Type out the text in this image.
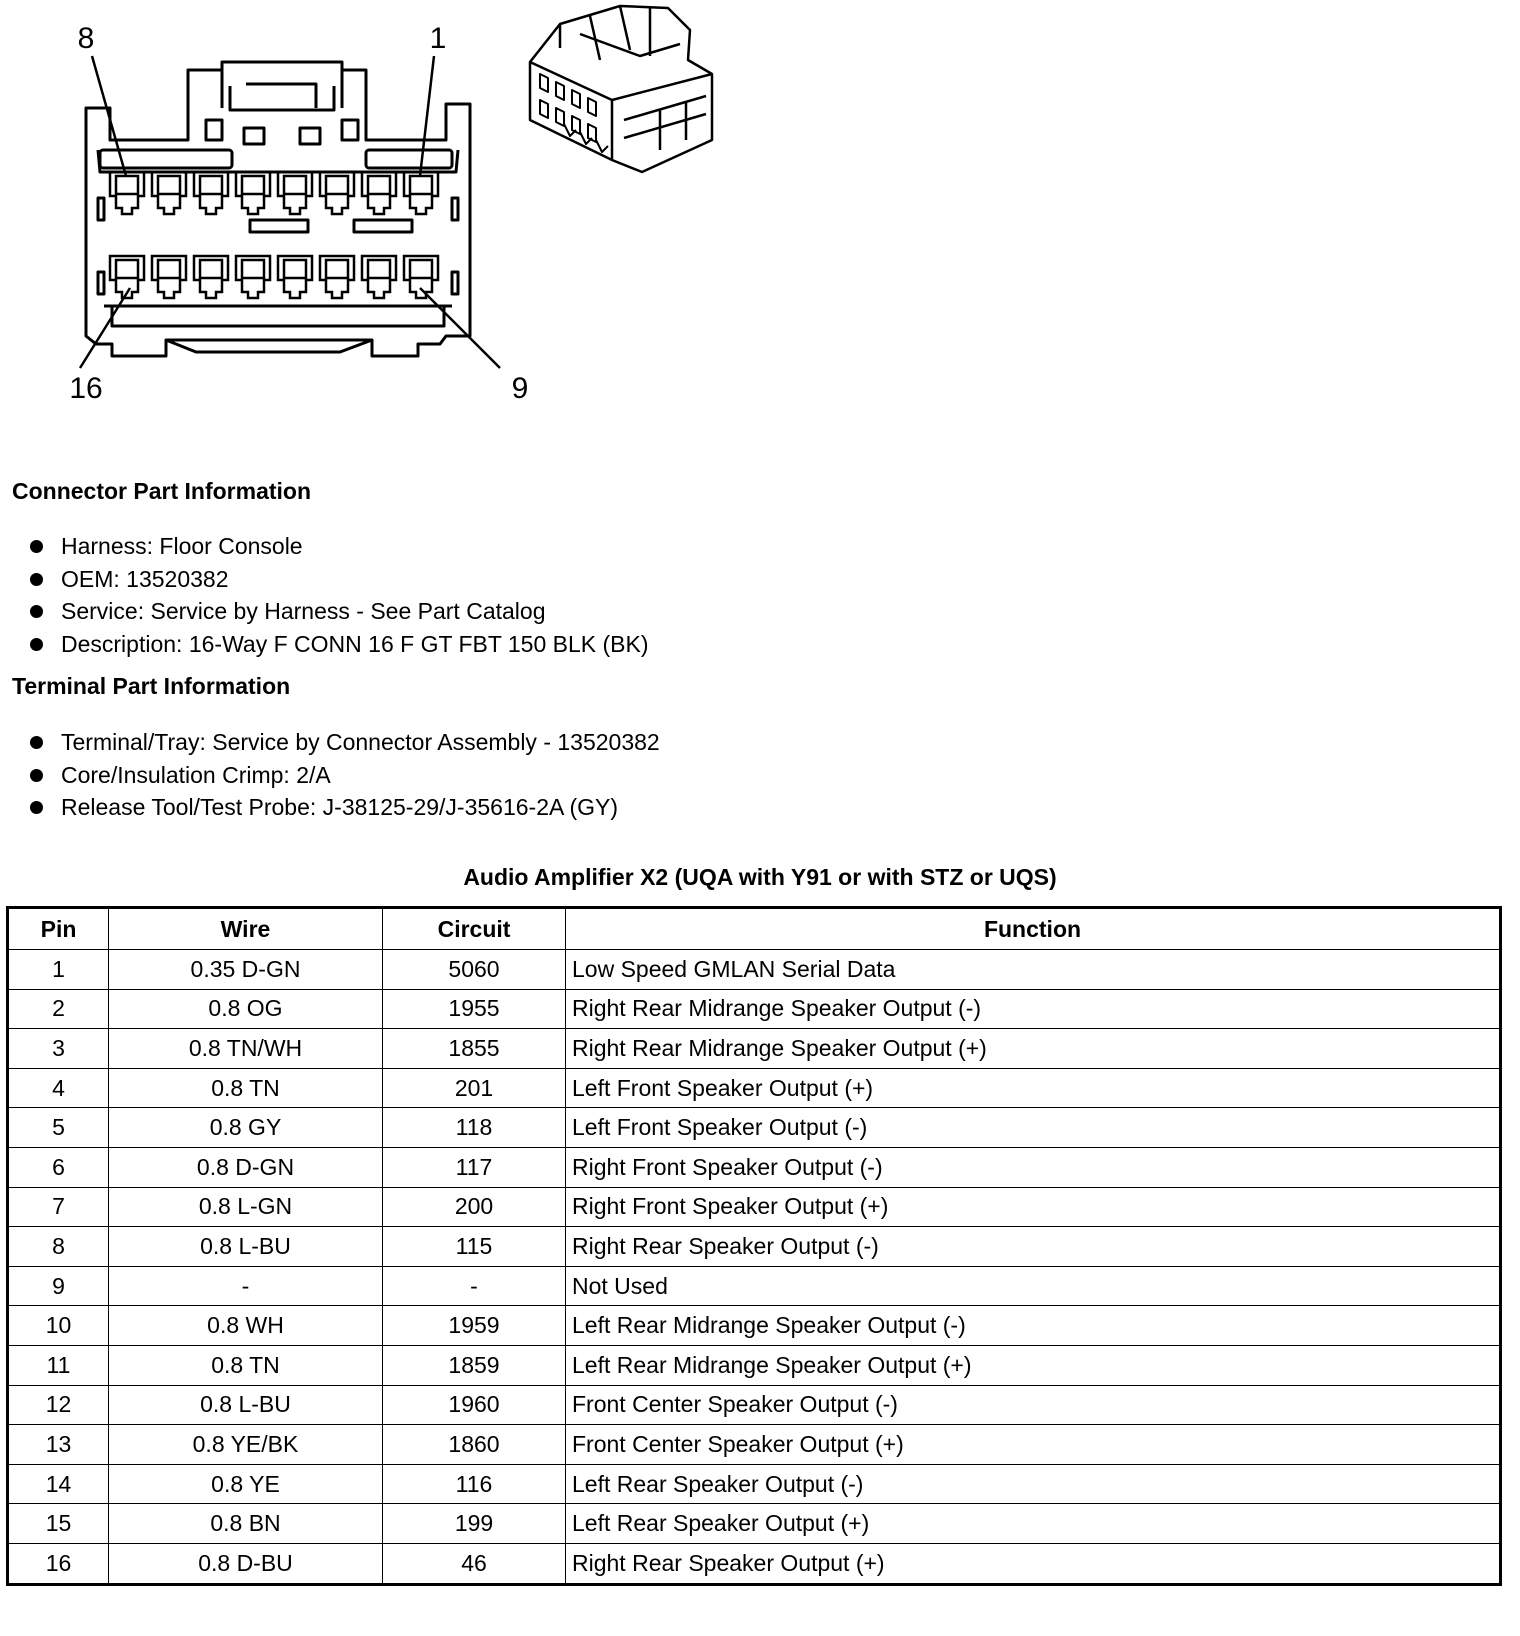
8	1
16	9
Connector Part Information
Harness: Floor Console
OEM: 13520382
Service: Service by Harness - See Part Catalog
Description: 16-Way F CONN 16 F GT FBT 150 BLK (BK)
Terminal Part Information
Terminal/Tray: Service by Connector Assembly - 13520382
Core/Insulation Crimp: 2/A
Release Tool/Test Probe: J-38125-29/J-35616-2A (GY)
Audio Amplifier X2 (UQA with Y91 or with STZ or UQS)
Pin	Wire	Circuit	Function
1	0.35 D-GN	5060	Low Speed GMLAN Serial Data
2	0.8 OG	1955	Right Rear Midrange Speaker Output (-)
3	0.8 TN/WH	1855	Right Rear Midrange Speaker Output (+)
4	0.8 TN	201	Left Front Speaker Output (+)
5	0.8 GY	118	Left Front Speaker Output (-)
6	0.8 D-GN	117	Right Front Speaker Output (-)
7	0.8 L-GN	200	Right Front Speaker Output (+)
8	0.8 L-BU	115	Right Rear Speaker Output (-)
9	-	-	Not Used
10	0.8 WH	1959	Left Rear Midrange Speaker Output (-)
11	0.8 TN	1859	Left Rear Midrange Speaker Output (+)
12	0.8 L-BU	1960	Front Center Speaker Output (-)
13	0.8 YE/BK	1860	Front Center Speaker Output (+)
14	0.8 YE	116	Left Rear Speaker Output (-)
15	0.8 BN	199	Left Rear Speaker Output (+)
16	0.8 D-BU	46	Right Rear Speaker Output (+)
